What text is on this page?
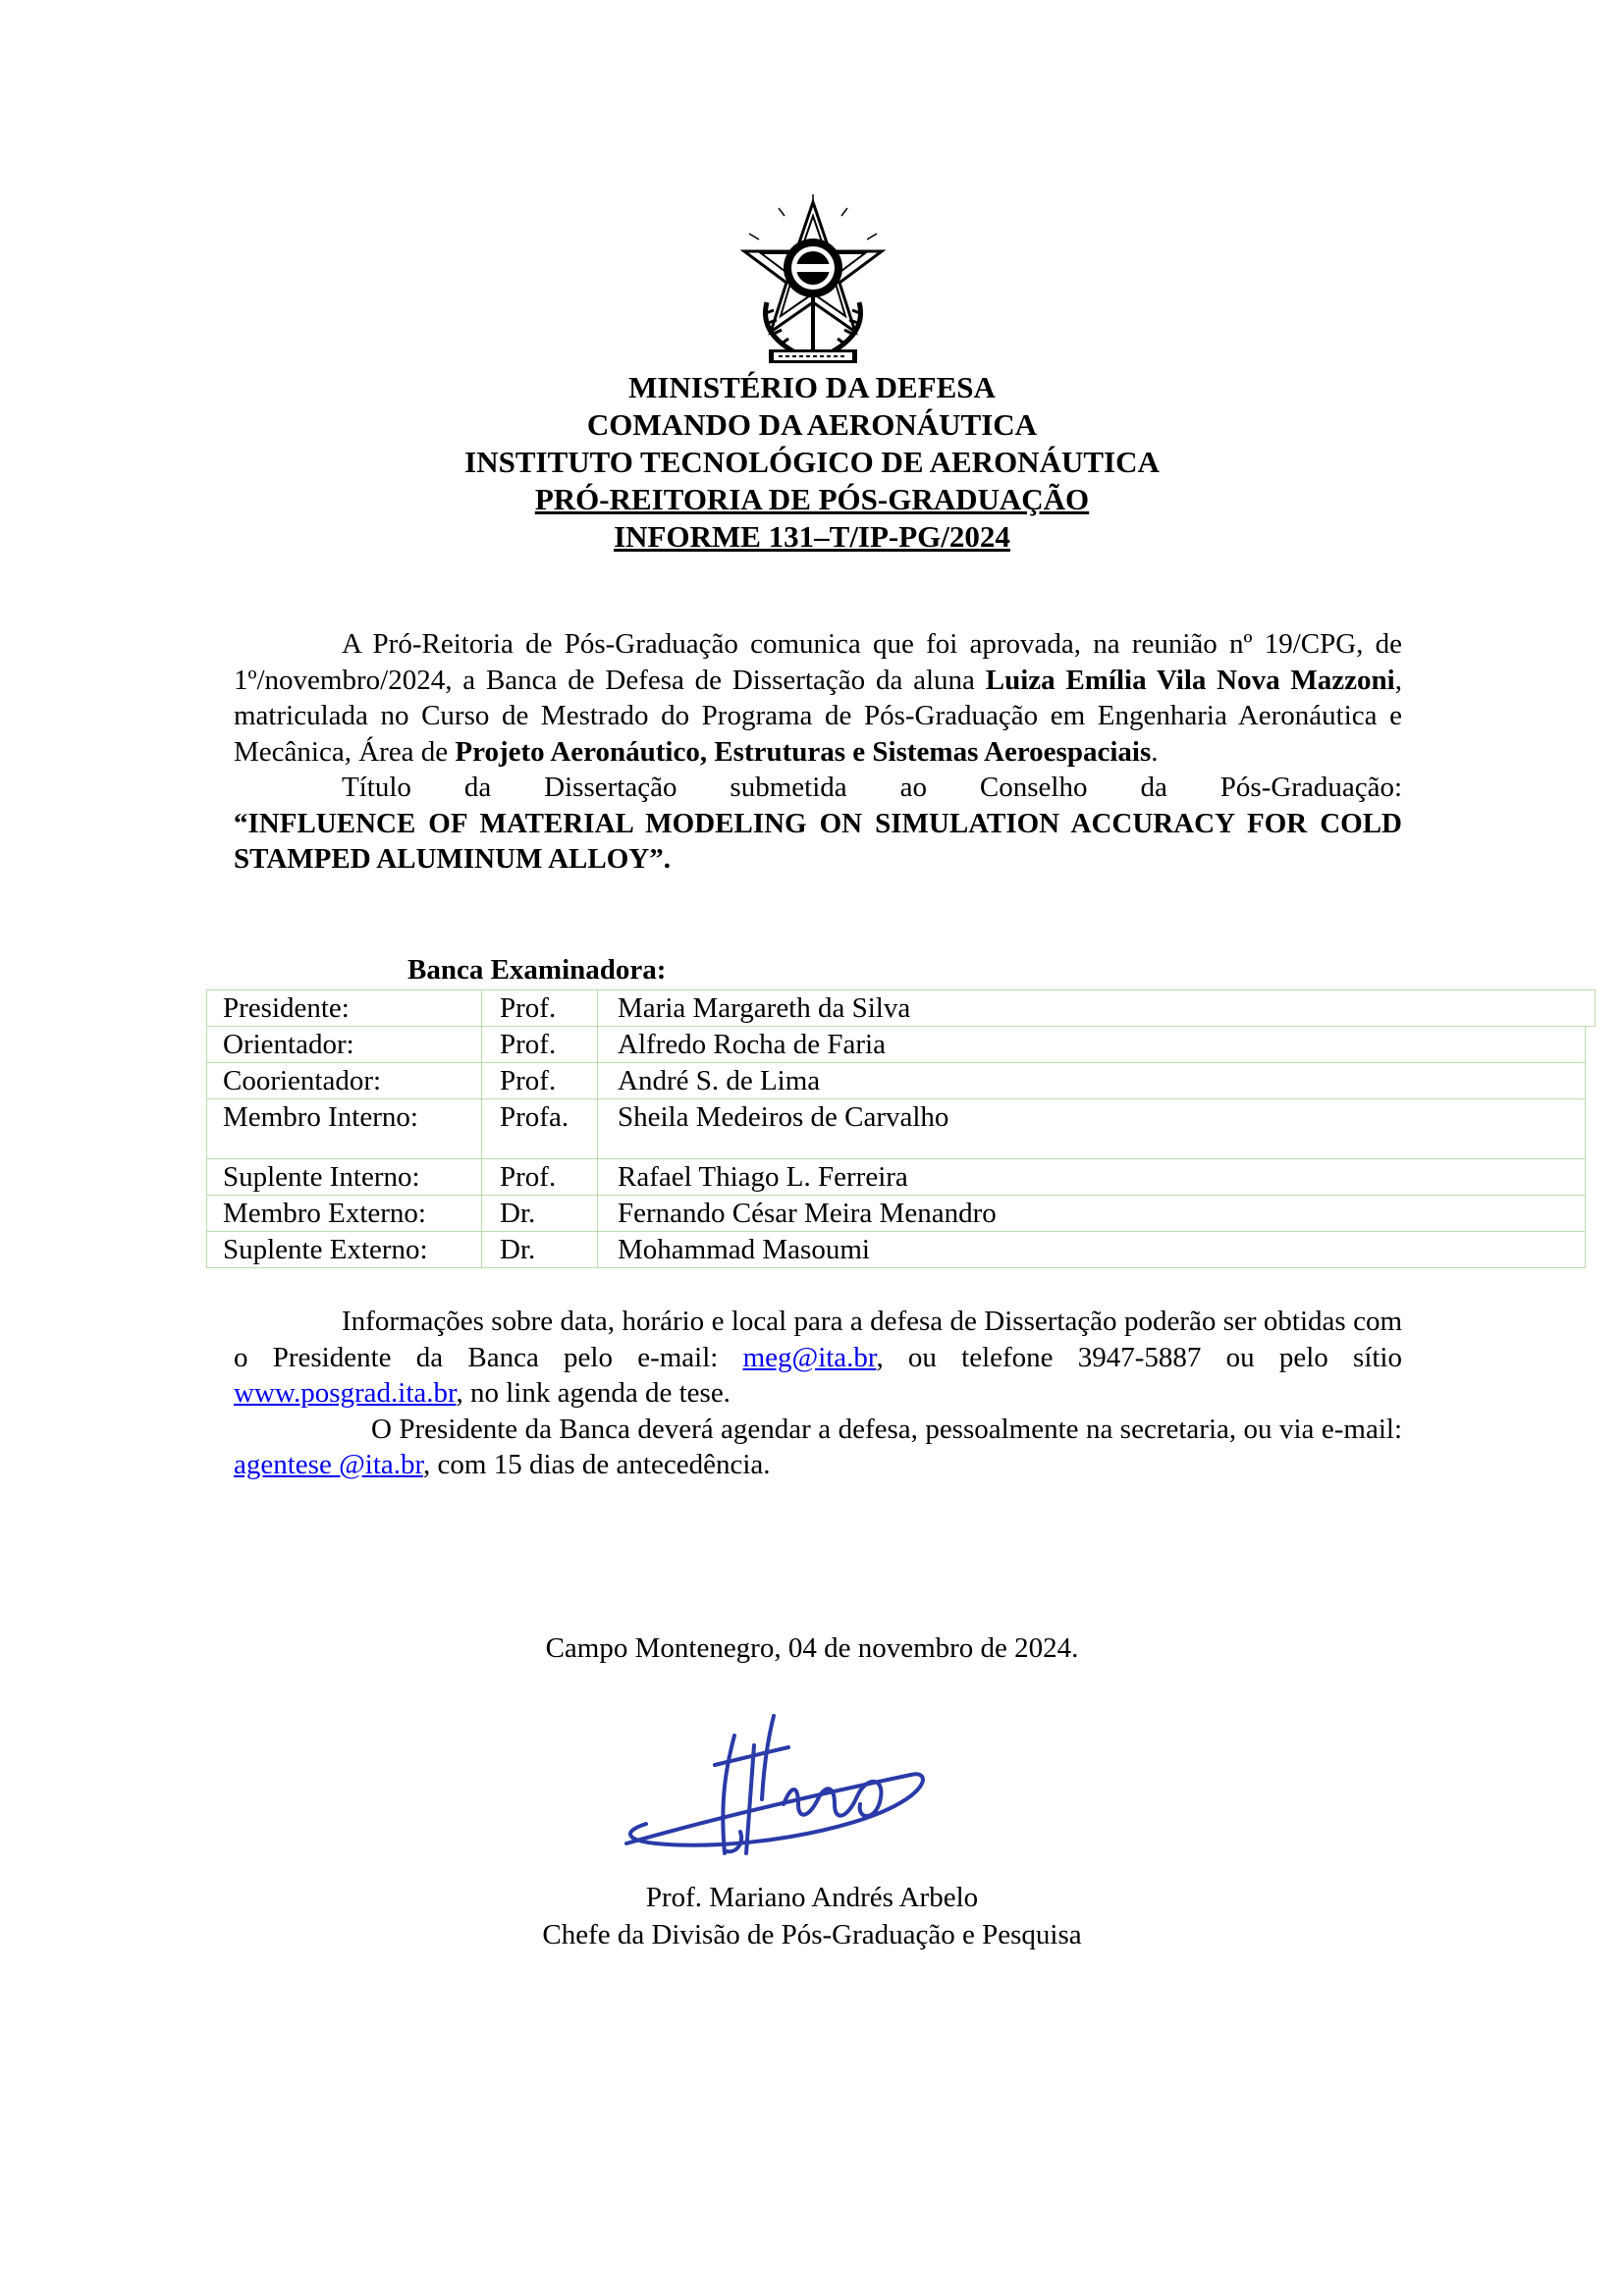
MINISTÉRIO DA DEFESA
COMANDO DA AERONÁUTICA
INSTITUTO TECNOLÓGICO DE AERONÁUTICA
PRÓ-REITORIA DE PÓS-GRADUAÇÃO
INFORME 131–T/IP-PG/2024
A Pró-Reitoria de Pós-Graduação comunica que foi aprovada, na reunião nº 19/CPG, de 1º/novembro/2024, a Banca de Defesa de Dissertação da aluna Luiza Emília Vila Nova Mazzoni, matriculada no Curso de Mestrado do Programa de Pós-Graduação em Engenharia Aeronáutica e Mecânica, Área de Projeto Aeronáutico, Estruturas e Sistemas Aeroespaciais.
Título da Dissertação submetida ao Conselho da Pós-Graduação:
“INFLUENCE OF MATERIAL MODELING ON SIMULATION ACCURACY FOR COLD STAMPED ALUMINUM ALLOY”.
Banca Examinadora:
Presidente:	Prof.	Maria Margareth da Silva
Orientador:	Prof.	Alfredo Rocha de Faria
Coorientador:	Prof.	André S. de Lima
Membro Interno:	Profa.	Sheila Medeiros de Carvalho
Suplente Interno:	Prof.	Rafael Thiago L. Ferreira
Membro Externo:	Dr.	Fernando César Meira Menandro
Suplente Externo:	Dr.	Mohammad Masoumi
Informações sobre data, horário e local para a defesa de Dissertação poderão ser obtidas com o Presidente da Banca pelo e-mail: meg@ita.br, ou telefone 3947-5887 ou pelo sítio www.posgrad.ita.br, no link agenda de tese.
O Presidente da Banca deverá agendar a defesa, pessoalmente na secretaria, ou via e-mail: agentese @ita.br, com 15 dias de antecedência.
Campo Montenegro, 04 de novembro de 2024.
Prof. Mariano Andrés Arbelo
Chefe da Divisão de Pós-Graduação e Pesquisa
